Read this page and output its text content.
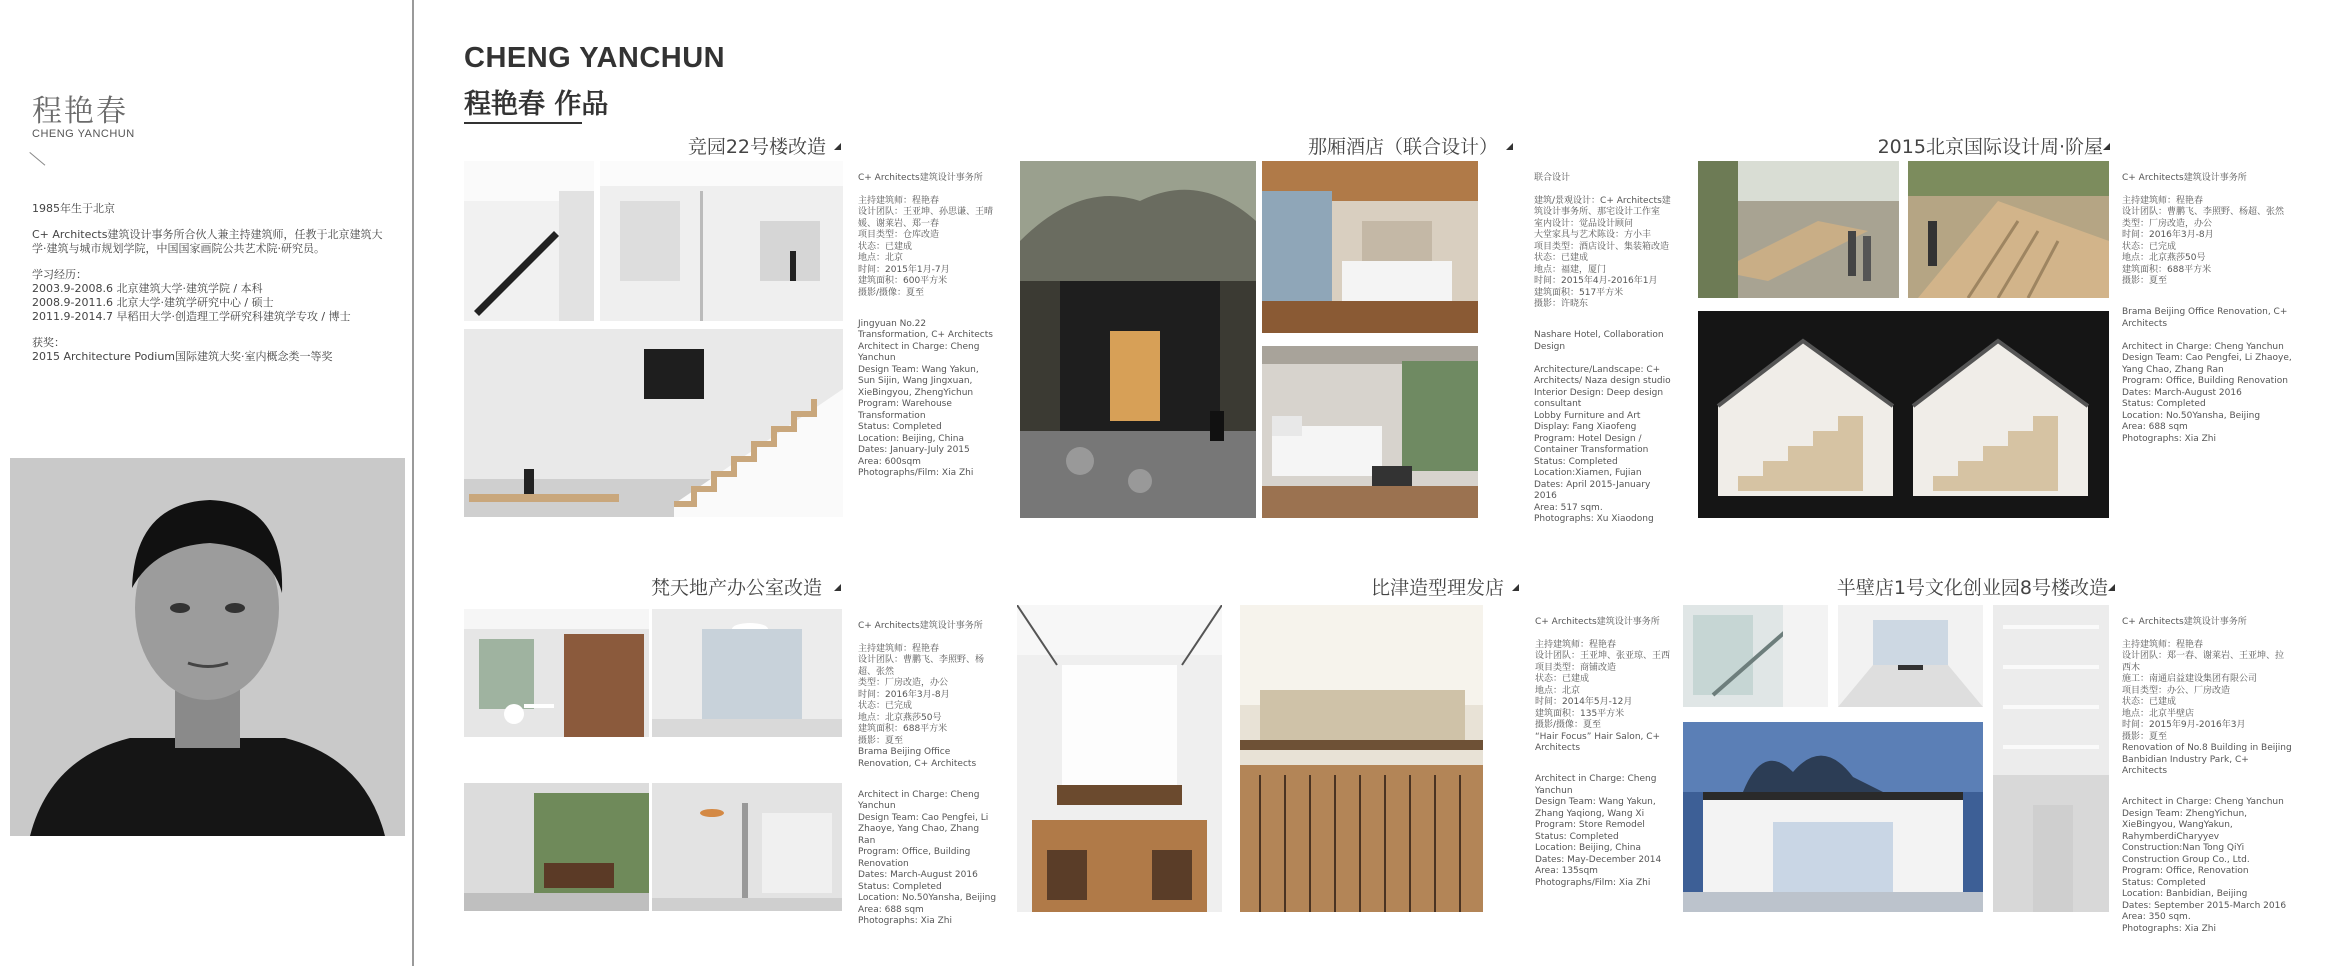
程艳春
CHENG YANCHUN

1985年生于北京

C+ Architects建筑设计事务所合伙人兼主持建筑师，任教于北京建筑大学·建筑与城市规划学院，中国国家画院公共艺术院·研究员。

学习经历：

2003.9-2008.6 北京建筑大学·建筑学院 / 本科
2008.9-2011.6 北京大学·建筑学研究中心 / 硕士
2011.9-2014.7 早稻田大学·创造理工学研究科建筑学专攻 / 博士

获奖：

2015 Architecture Podium国际建筑大奖·室内概念类一等奖
CHENG YANCHUN
程艳春 作品
竞园22号楼改造

C+ Architects建筑设计事务所

主持建筑师：程艳春
设计团队：王亚坤、孙思谦、王晴媛、谢莱岩、郑一春
项目类型：仓库改造
状态：已建成
地点：北京
时间：2015年1月-7月
建筑面积：600平方米
摄影/摄像：夏至

Jingyuan No.22 Transformation, C+ Architects
Architect in Charge: Cheng Yanchun
Design Team: Wang Yakun, Sun Sijin, Wang Jingxuan, XieBingyou, ZhengYichun
Program: Warehouse Transformation
Status: Completed
Location: Beijing, China
Dates: January-July 2015
Area: 600sqm
Photographs/Film: Xia Zhi

那厢酒店（联合设计）

联合设计

建筑/景观设计：C+ Architects建筑设计事务所、那宅设计工作室
室内设计：觉品设计顾问
大堂家具与艺术陈设：方小丰
项目类型：酒店设计、集装箱改造
状态：已建成
地点：福建，厦门
时间：2015年4月-2016年1月
建筑面积：517平方米
摄影：许晓东

Nashare Hotel, Collaboration Design

Architecture/Landscape: C+ Architects/ Naza design studio
Interior Design: Deep design consultant
Lobby Furniture and Art Display: Fang Xiaofeng
Program: Hotel Design / Container Transformation
Status: Completed
Location:Xiamen, Fujian
Dates: April 2015-January 2016
Area: 517 sqm.
Photographs: Xu Xiaodong

2015北京国际设计周·阶屋

C+ Architects建筑设计事务所

主持建筑师：程艳春
设计团队：曹鹏飞、李照野、杨超、张然
类型：厂房改造，办公
时间：2016年3月-8月
状态：已完成
地点：北京燕莎50号
建筑面积：688平方米
摄影：夏至

Brama Beijing Office Renovation, C+ Architects

Architect in Charge: Cheng Yanchun
Design Team: Cao Pengfei, Li Zhaoye, Yang Chao, Zhang Ran
Program: Office, Building Renovation
Dates: March-August 2016
Status: Completed
Location: No.50Yansha, Beijing
Area: 688 sqm
Photographs: Xia Zhi

梵天地产办公室改造

C+ Architects建筑设计事务所

主持建筑师：程艳春
设计团队：曹鹏飞、李照野、杨超、张然
类型：厂房改造，办公
时间：2016年3月-8月
状态：已完成
地点：北京燕莎50号
建筑面积：688平方米
摄影：夏至
Brama Beijing Office Renovation, C+ Architects

Architect in Charge: Cheng Yanchun
Design Team: Cao Pengfei, Li Zhaoye, Yang Chao, Zhang Ran
Program: Office, Building Renovation
Dates: March-August 2016
Status: Completed
Location: No.50Yansha, Beijing
Area: 688 sqm
Photographs: Xia Zhi

比津造型理发店

C+ Architects建筑设计事务所

主持建筑师：程艳春
设计团队：王亚坤、张亚琼、王西
项目类型：商铺改造
状态：已建成
地点：北京
时间：2014年5月-12月
建筑面积：135平方米
摄影/摄像：夏至
“Hair Focus” Hair Salon, C+ Architects

Architect in Charge: Cheng Yanchun
Design Team: Wang Yakun, Zhang Yaqiong, Wang Xi
Program: Store Remodel
Status: Completed
Location: Beijing, China
Dates: May-December 2014
Area: 135sqm
Photographs/Film: Xia Zhi

半壁店1号文化创业园8号楼改造

C+ Architects建筑设计事务所

主持建筑师：程艳春
设计团队：郑一春、谢莱岩、王亚坤、拉西木
施工：南通启益建设集团有限公司
项目类型：办公、厂房改造
状态：已建成
地点：北京半壁店
时间：2015年9月-2016年3月
摄影：夏至
Renovation of No.8 Building in Beijing Banbidian Industry Park, C+ Architects

Architect in Charge: Cheng Yanchun
Design Team: ZhengYichun, XieBingyou, WangYakun, RahymberdiCharyyev
Construction:Nan Tong QiYi Construction Group Co., Ltd.
Program: Office, Renovation
Status: Completed
Location: Banbidian, Beijing
Dates: September 2015-March 2016
Area: 350 sqm.
Photographs: Xia Zhi
